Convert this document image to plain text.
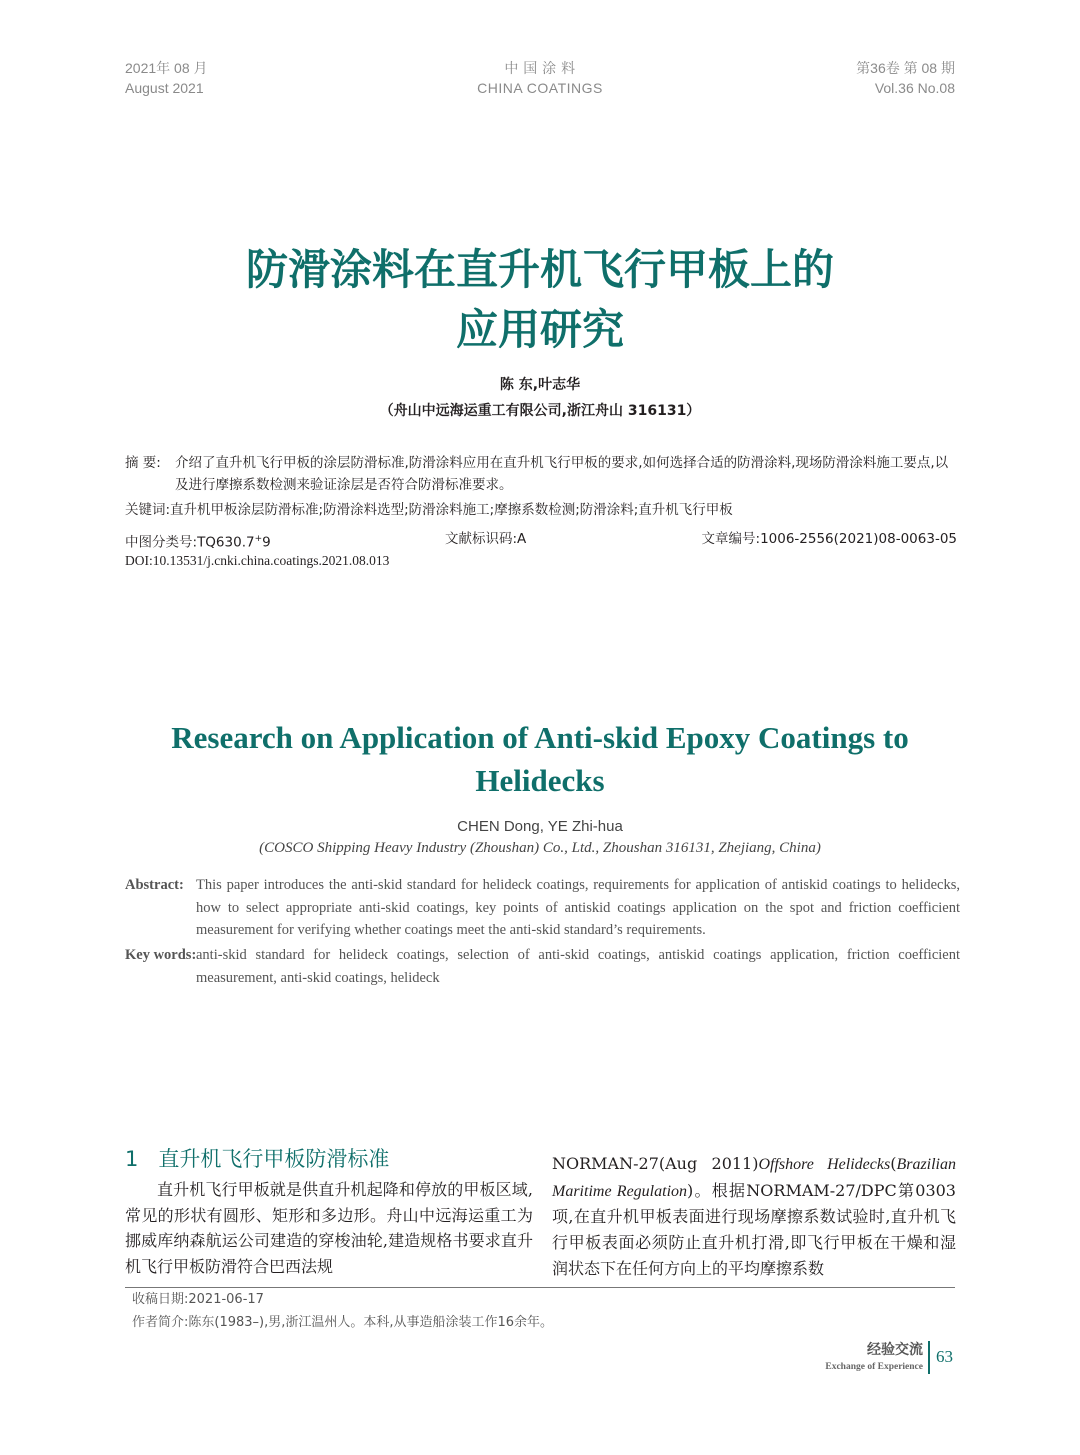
2021年 08 月
August 2021
中 国 涂 料
CHINA COATINGS
第36卷 第 08 期
Vol.36 No.08
防滑涂料在直升机飞行甲板上的
应用研究
陈 东,叶志华
（舟山中远海运重工有限公司,浙江舟山 316131）
摘 要: 介绍了直升机飞行甲板的涂层防滑标准,防滑涂料应用在直升机飞行甲板的要求,如何选择合适的防滑涂料,现场防滑涂料施工要点,以及进行摩擦系数检测来验证涂层是否符合防滑标准要求。
关键词:直升机甲板涂层防滑标准;防滑涂料选型;防滑涂料施工;摩擦系数检测;防滑涂料;直升机飞行甲板
中图分类号:TQ630.7+9	文献标识码:A	文章编号:1006-2556(2021)08-0063-05
DOI:10.13531/j.cnki.china.coatings.2021.08.013
Research on Application of Anti-skid Epoxy Coatings to
Helidecks
CHEN Dong, YE Zhi-hua
(COSCO Shipping Heavy Industry (Zhoushan) Co., Ltd., Zhoushan 316131, Zhejiang, China)
Abstract: This paper introduces the anti-skid standard for helideck coatings, requirements for application of antiskid coatings to helidecks, how to select appropriate anti-skid coatings, key points of antiskid coatings application on the spot and friction coefficient measurement for verifying whether coatings meet the anti-skid standard’s requirements.
Key words: anti-skid standard for helideck coatings, selection of anti-skid coatings, antiskid coatings application, friction coefficient measurement, anti-skid coatings, helideck
1 直升机飞行甲板防滑标准
直升机飞行甲板就是供直升机起降和停放的甲板区域,常见的形状有圆形、矩形和多边形。舟山中远海运重工为挪威库纳森航运公司建造的穿梭油轮,建造规格书要求直升机飞行甲板防滑符合巴西法规
NORMAN-27(Aug 2011)Offshore Helidecks(Brazilian Maritime Regulation)。根据NORMAM-27/DPC第0303项,在直升机甲板表面进行现场摩擦系数试验时,直升机飞行甲板表面必须防止直升机打滑,即飞行甲板在干燥和湿润状态下在任何方向上的平均摩擦系数
收稿日期:2021-06-17
作者简介:陈东(1983–),男,浙江温州人。本科,从事造船涂装工作16余年。
经验交流
Exchange of Experience
63
